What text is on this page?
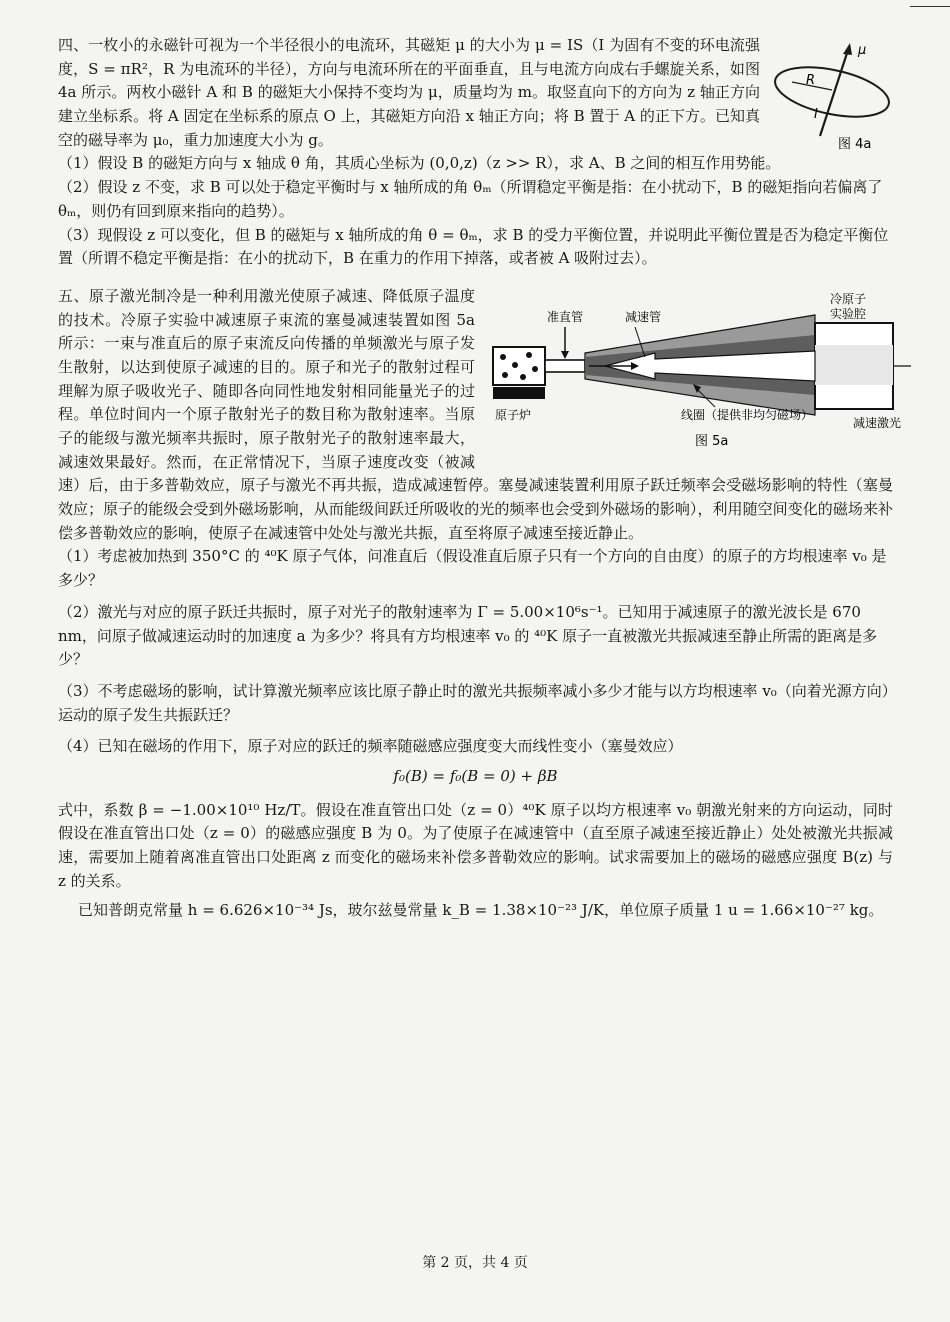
μ
R
I
图 4a

四、一枚小的永磁针可视为一个半径很小的电流环，其磁矩 μ 的大小为 μ = IS（I 为固有不变的环电流强度，S = πR²，R 为电流环的半径），方向与电流环所在的平面垂直，且与电流方向成右手螺旋关系，如图 4a 所示。两枚小磁针 A 和 B 的磁矩大小保持不变均为 μ，质量均为 m。取竖直向下的方向为 z 轴正方向建立坐标系。将 A 固定在坐标系的原点 O 上，其磁矩方向沿 x 轴正方向；将 B 置于 A 的正下方。已知真空的磁导率为 μ₀，重力加速度大小为 g。

（1）假设 B 的磁矩方向与 x 轴成 θ 角，其质心坐标为 (0,0,z)（z >> R），求 A、B 之间的相互作用势能。

（2）假设 z 不变，求 B 可以处于稳定平衡时与 x 轴所成的角 θₘ（所谓稳定平衡是指：在小扰动下，B 的磁矩指向若偏离了 θₘ，则仍有回到原来指向的趋势）。

（3）现假设 z 可以变化，但 B 的磁矩与 x 轴所成的角 θ = θₘ，求 B 的受力平衡位置，并说明此平衡位置是否为稳定平衡位置（所谓不稳定平衡是指：在小的扰动下，B 在重力的作用下掉落，或者被 A 吸附过去）。

准直管	减速管
冷原子
实验腔
减速激光
原子炉	线圈（提供非均匀磁场）
图 5a

五、原子激光制冷是一种利用激光使原子减速、降低原子温度的技术。冷原子实验中减速原子束流的塞曼减速装置如图 5a 所示：一束与准直后的原子束流反向传播的单频激光与原子发生散射，以达到使原子减速的目的。原子和光子的散射过程可理解为原子吸收光子、随即各向同性地发射相同能量光子的过程。单位时间内一个原子散射光子的数目称为散射速率。当原子的能级与激光频率共振时，原子散射光子的散射速率最大，减速效果最好。然而，在正常情况下，当原子速度改变（被减速）后，由于多普勒效应，原子与激光不再共振，造成减速暂停。塞曼减速装置利用原子跃迁频率会受磁场影响的特性（塞曼效应；原子的能级会受到外磁场影响，从而能级间跃迁所吸收的光的频率也会受到外磁场的影响），利用随空间变化的磁场来补偿多普勒效应的影响，使原子在减速管中处处与激光共振，直至将原子减速至接近静止。

（1）考虑被加热到 350°C 的 ⁴⁰K 原子气体，问准直后（假设准直后原子只有一个方向的自由度）的原子的方均根速率 v₀ 是多少？

（2）激光与对应的原子跃迁共振时，原子对光子的散射速率为 Γ = 5.00×10⁶s⁻¹。已知用于减速原子的激光波长是 670 nm，问原子做减速运动时的加速度 a 为多少？将具有方均根速率 v₀ 的 ⁴⁰K 原子一直被激光共振减速至静止所需的距离是多少？

（3）不考虑磁场的影响，试计算激光频率应该比原子静止时的激光共振频率减小多少才能与以方均根速率 v₀（向着光源方向）运动的原子发生共振跃迁？

（4）已知在磁场的作用下，原子对应的跃迁的频率随磁感应强度变大而线性变小（塞曼效应）

f₀(B) = f₀(B = 0) + βB

式中，系数 β = −1.00×10¹⁰ Hz/T。假设在准直管出口处（z = 0）⁴⁰K 原子以均方根速率 v₀ 朝激光射来的方向运动，同时假设在准直管出口处（z = 0）的磁感应强度 B 为 0。为了使原子在减速管中（直至原子减速至接近静止）处处被激光共振减速，需要加上随着离准直管出口处距离 z 而变化的磁场来补偿多普勒效应的影响。试求需要加上的磁场的磁感应强度 B(z) 与 z 的关系。

已知普朗克常量 h = 6.626×10⁻³⁴ Js，玻尔兹曼常量 k_B = 1.38×10⁻²³ J/K，单位原子质量 1 u = 1.66×10⁻²⁷ kg。

第 2 页，共 4 页
